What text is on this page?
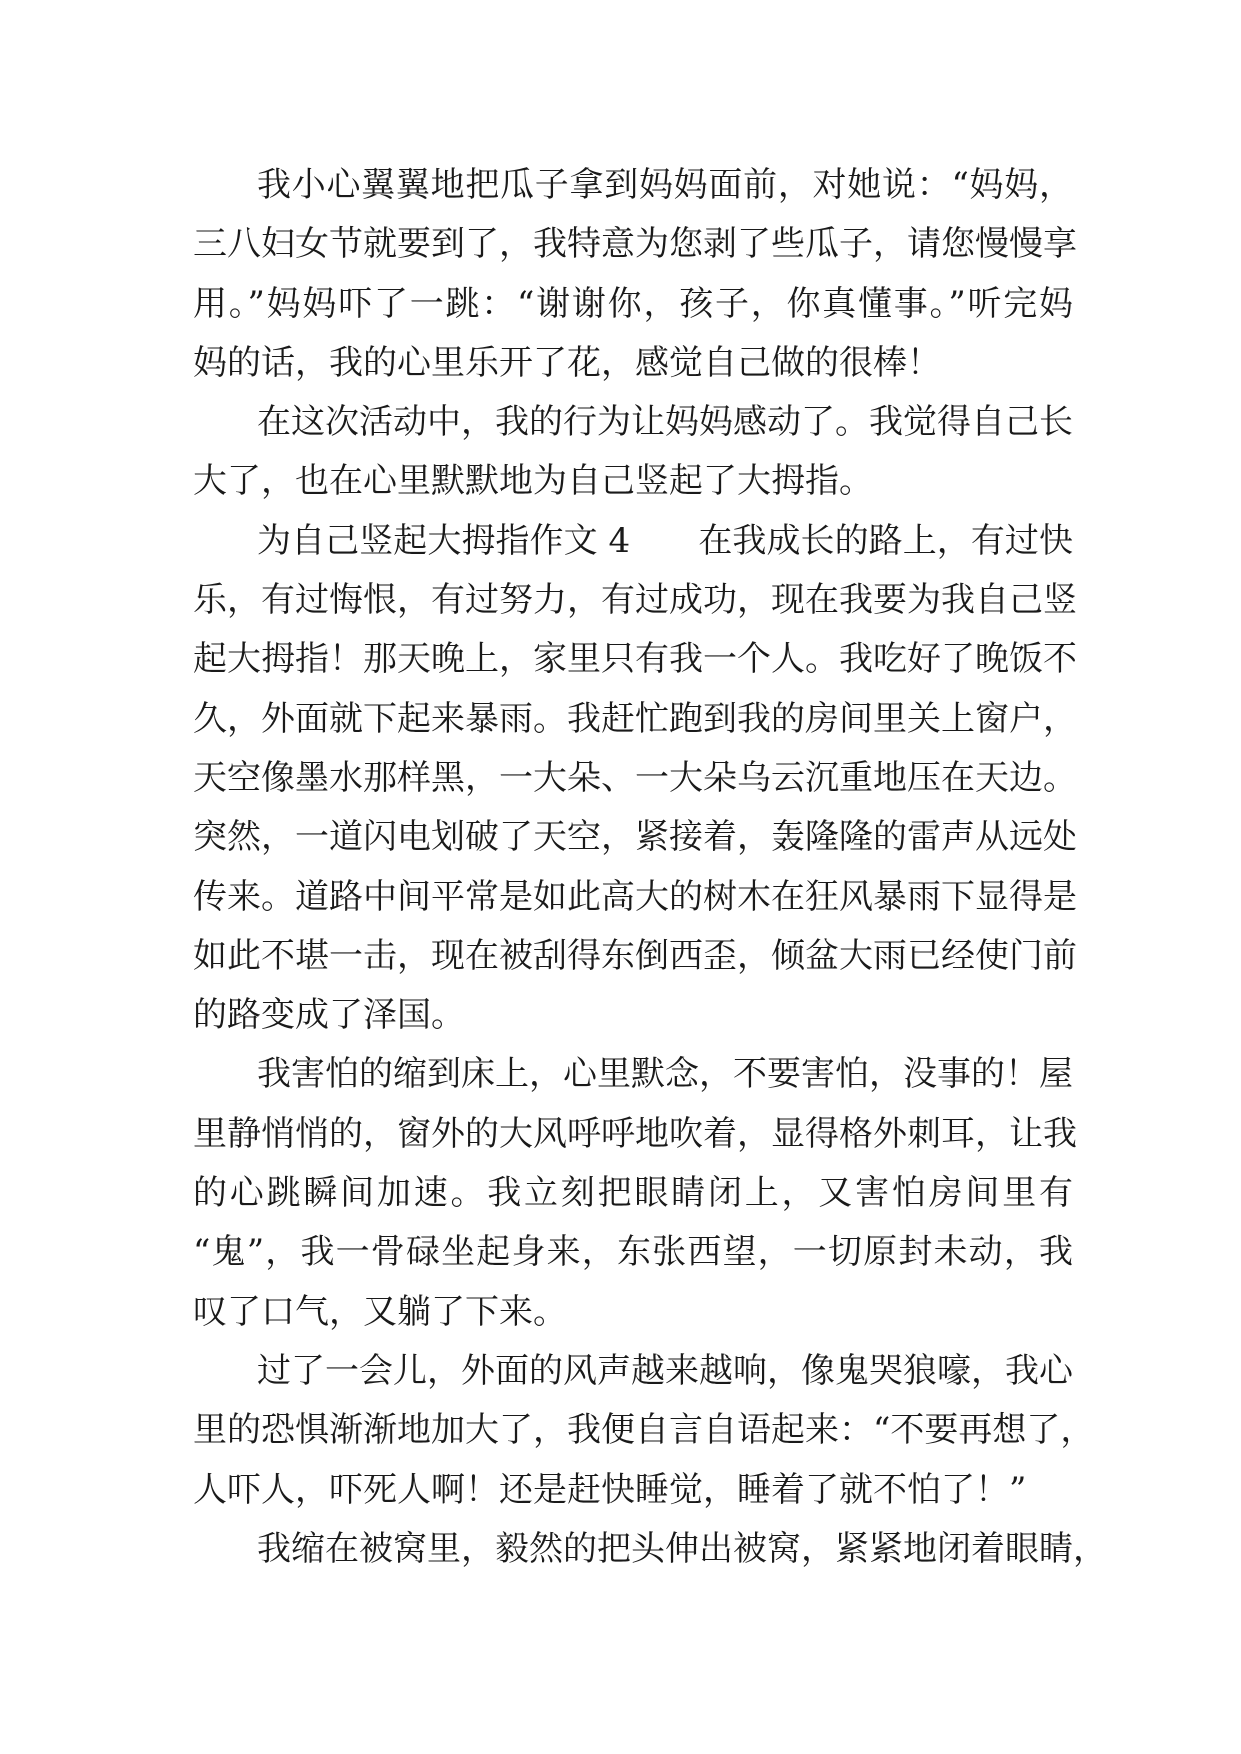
我小心翼翼地把瓜子拿到妈妈面前，对她说：“妈妈，
三八妇女节就要到了，我特意为您剥了些瓜子，请您慢慢享
用。”妈妈吓了一跳：“谢谢你，孩子，你真懂事。”听完妈
妈的话，我的心里乐开了花，感觉自己做的很棒！
在这次活动中，我的行为让妈妈感动了。我觉得自己长
大了，也在心里默默地为自己竖起了大拇指。
为自己竖起大拇指作文 4　　在我成长的路上，有过快
乐，有过悔恨，有过努力，有过成功，现在我要为我自己竖
起大拇指！那天晚上，家里只有我一个人。我吃好了晚饭不
久，外面就下起来暴雨。我赶忙跑到我的房间里关上窗户，
天空像墨水那样黑，一大朵、一大朵乌云沉重地压在天边。
突然，一道闪电划破了天空，紧接着，轰隆隆的雷声从远处
传来。道路中间平常是如此高大的树木在狂风暴雨下显得是
如此不堪一击，现在被刮得东倒西歪，倾盆大雨已经使门前
的路变成了泽国。
我害怕的缩到床上，心里默念，不要害怕，没事的！屋
里静悄悄的，窗外的大风呼呼地吹着，显得格外刺耳，让我
的心跳瞬间加速。我立刻把眼睛闭上，又害怕房间里有
“鬼”，我一骨碌坐起身来，东张西望，一切原封未动，我
叹了口气，又躺了下来。
过了一会儿，外面的风声越来越响，像鬼哭狼嚎，我心
里的恐惧渐渐地加大了，我便自言自语起来：“不要再想了，
人吓人，吓死人啊！还是赶快睡觉，睡着了就不怕了！”
我缩在被窝里，毅然的把头伸出被窝，紧紧地闭着眼睛，
